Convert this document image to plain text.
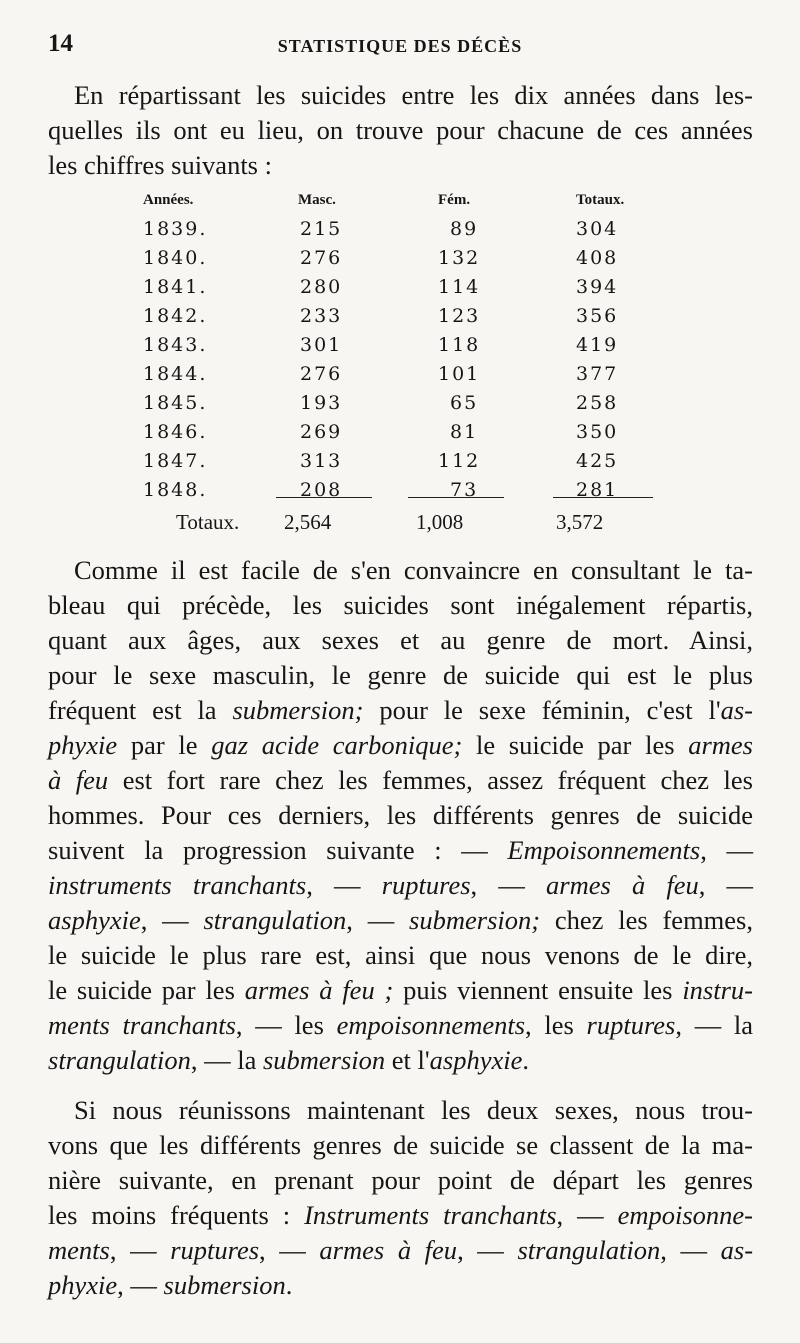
14	STATISTIQUE DES DÉCÈS
En répartissant les suicides entre les dix années dans les-
quelles ils ont eu lieu, on trouve pour chacune de ces années
les chiffres suivants :
Années.	Masc.	Fém.	Totaux.
1839.	215	89	304
1840.	276	132	408
1841.	280	114	394
1842.	233	123	356
1843.	301	118	419
1844.	276	101	377
1845.	193	65	258
1846.	269	81	350
1847.	313	112	425
1848.	208	73	281
Totaux. 2,564	1,008	3,572
Comme il est facile de s'en convaincre en consultant le ta-
bleau qui précède, les suicides sont inégalement répartis,
quant aux âges, aux sexes et au genre de mort. Ainsi,
pour le sexe masculin, le genre de suicide qui est le plus
fréquent est la submersion; pour le sexe féminin, c'est l'as-
phyxie par le gaz acide carbonique; le suicide par les armes
à feu est fort rare chez les femmes, assez fréquent chez les
hommes. Pour ces derniers, les différents genres de suicide
suivent la progression suivante : — Empoisonnements, —
instruments tranchants, — ruptures, — armes à feu, —
asphyxie, — strangulation, — submersion; chez les femmes,
le suicide le plus rare est, ainsi que nous venons de le dire,
le suicide par les armes à feu ; puis viennent ensuite les instru-
ments tranchants, — les empoisonnements, les ruptures, — la
strangulation, — la submersion et l'asphyxie.
Si nous réunissons maintenant les deux sexes, nous trou-
vons que les différents genres de suicide se classent de la ma-
nière suivante, en prenant pour point de départ les genres
les moins fréquents : Instruments tranchants, — empoisonne-
ments, — ruptures, — armes à feu, — strangulation, — as-
phyxie, — submersion.
